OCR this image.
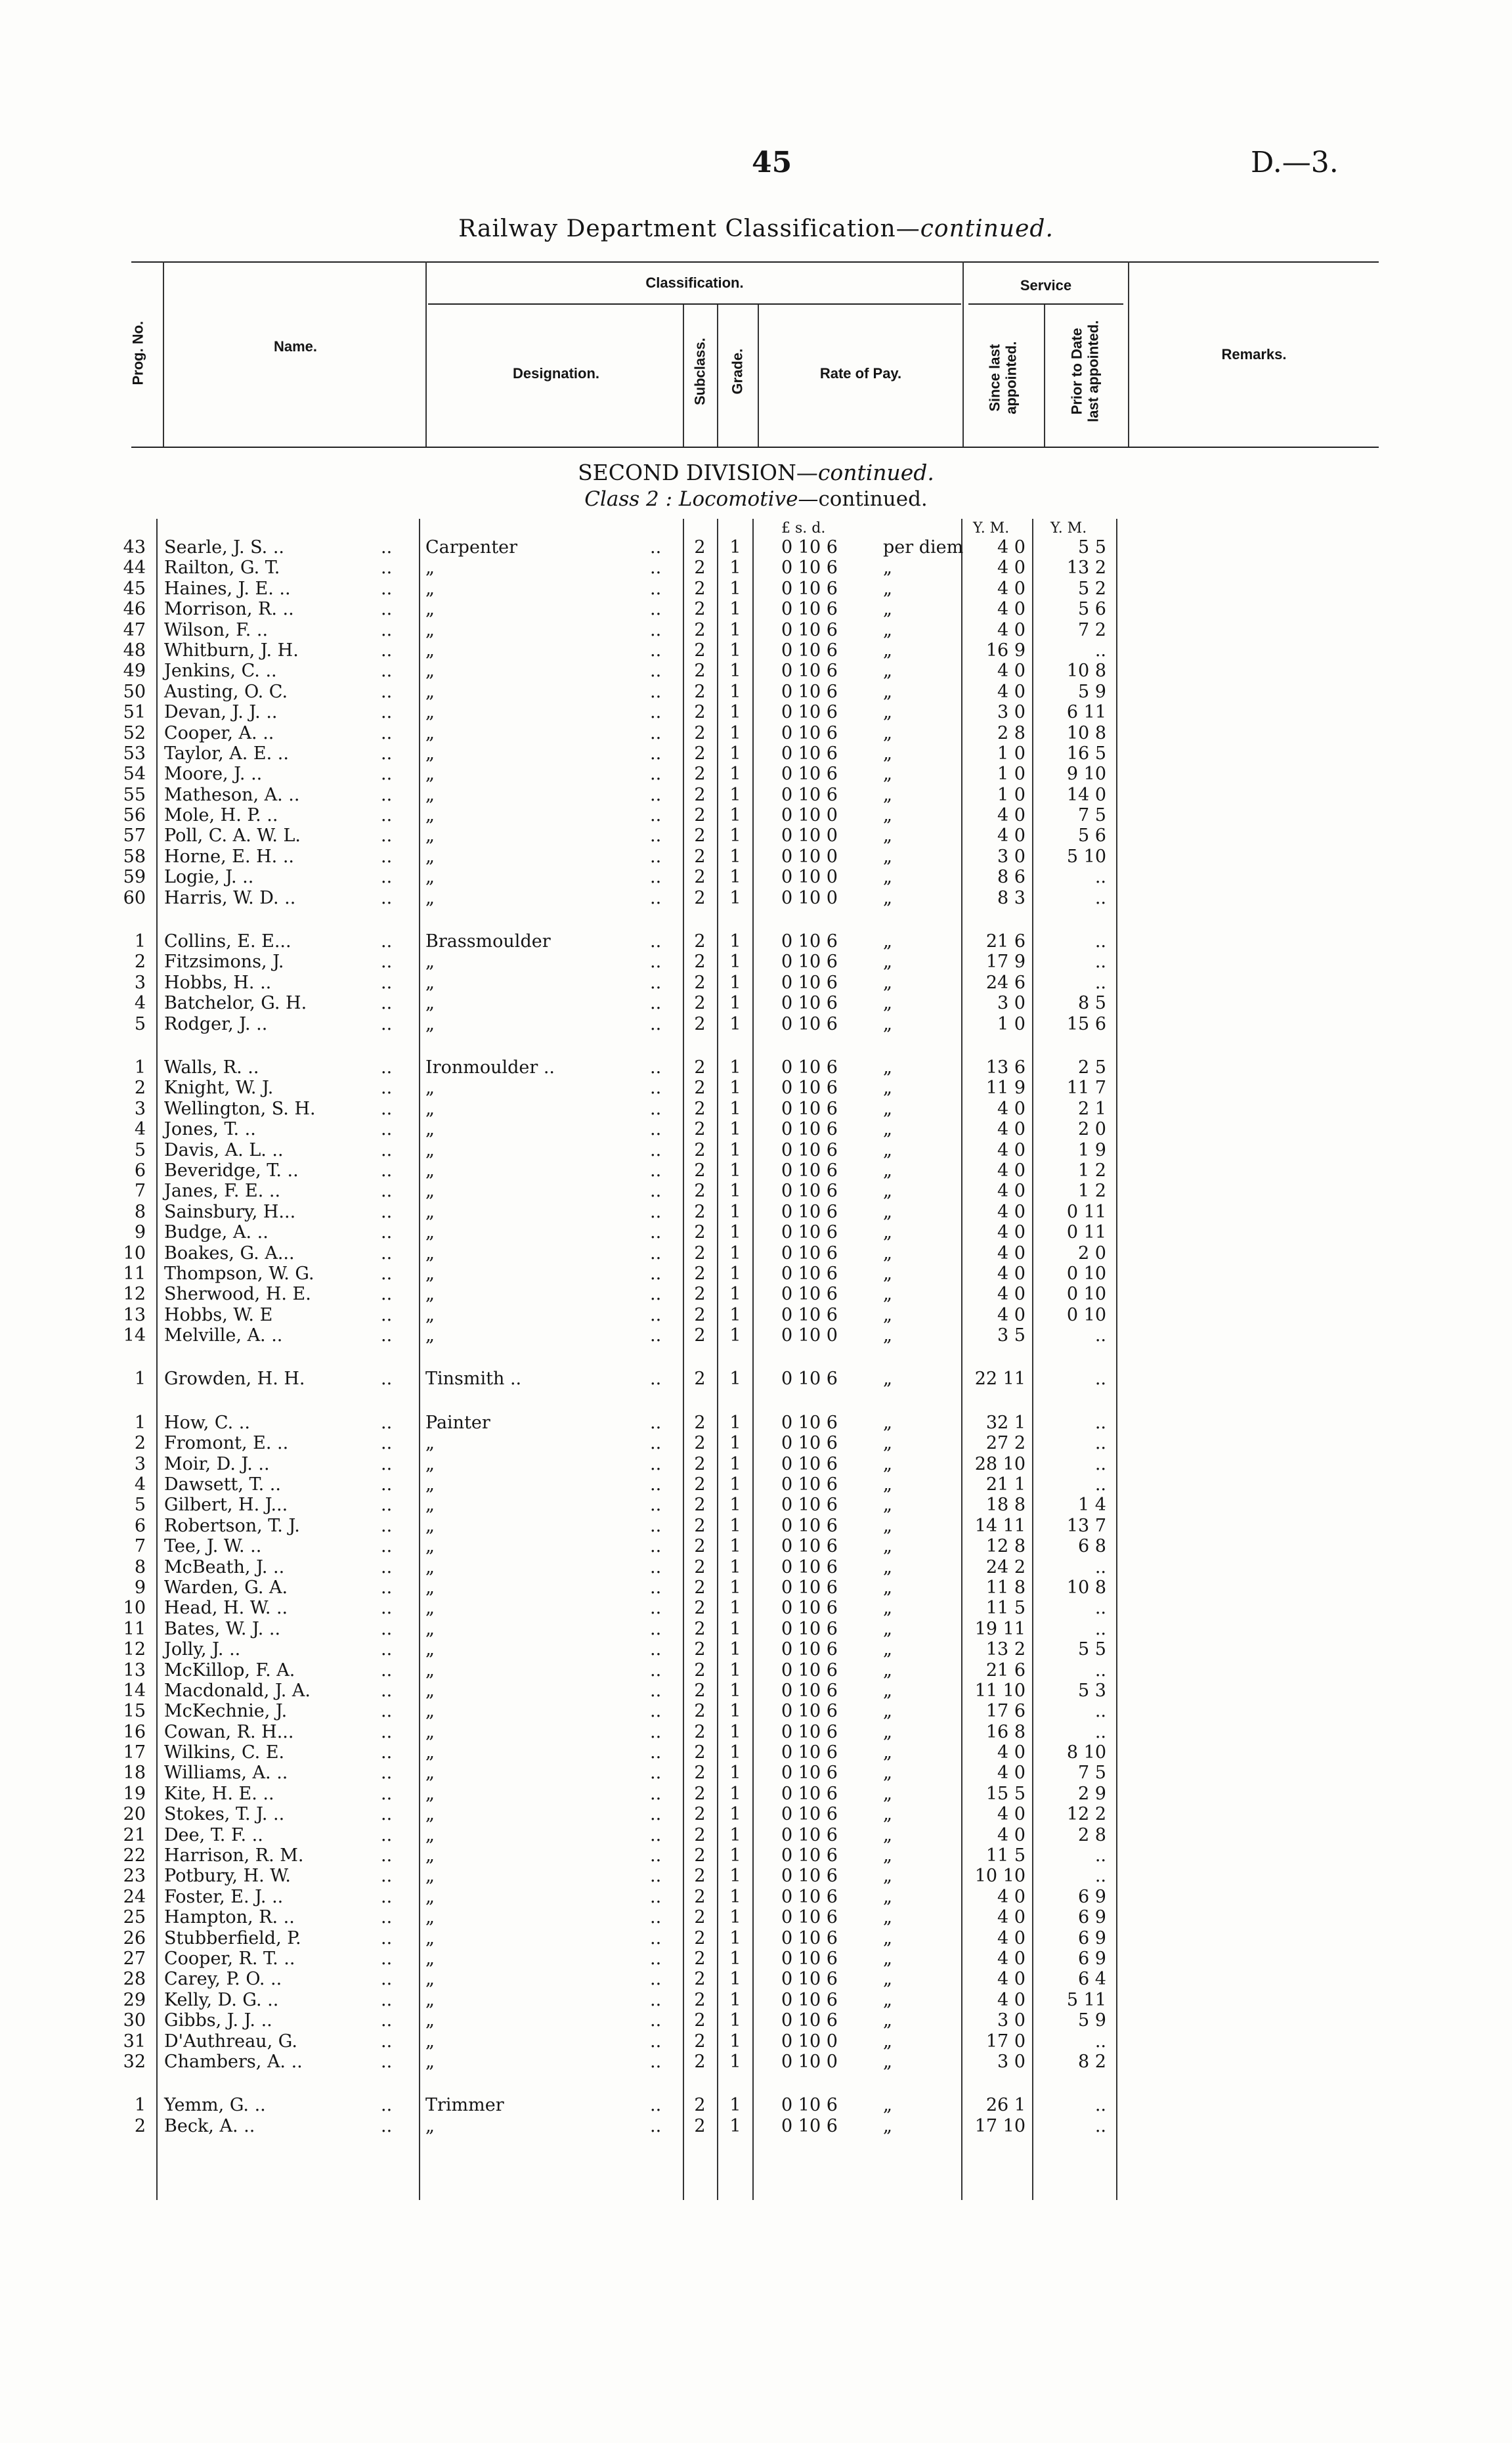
45	D.—3.
Railway Department Classification—continued.
Prog. No.	Name.
Classification.
Designation.	Subclass. Grade.	Rate of Pay.
Service
Since last appointed.	Prior to Date last appointed.	Remarks.
SECOND DIVISION—continued.
Class 2 : Locomotive—continued.
£ s. d.	Y. M.	Y. M.
43 Searle, J. S. ..	.. Carpenter	.. 2 1 0 10 6	per diem	4 0	5 5
44 Railton, G. T.	.. „	.. 2 1 0 10 6	„	4 0	13 2
45 Haines, J. E. ..	.. „	.. 2 1 0 10 6	„	4 0	5 2
46 Morrison, R. ..	.. „	.. 2 1 0 10 6	„	4 0	5 6
47 Wilson, F. ..	.. „	.. 2 1 0 10 6	„	4 0	7 2
48 Whitburn, J. H.	.. „	.. 2 1 0 10 6	„	16 9	..
49 Jenkins, C. ..	.. „	.. 2 1 0 10 6	„	4 0	10 8
50 Austing, O. C.	.. „	.. 2 1 0 10 6	„	4 0	5 9
51 Devan, J. J. ..	.. „	.. 2 1 0 10 6	„	3 0	6 11
52 Cooper, A. ..	.. „	.. 2 1 0 10 6	„	2 8	10 8
53 Taylor, A. E. ..	.. „	.. 2 1 0 10 6	„	1 0	16 5
54 Moore, J. ..	.. „	.. 2 1 0 10 6	„	1 0	9 10
55 Matheson, A. ..	.. „	.. 2 1 0 10 6	„	1 0	14 0
56 Mole, H. P. ..	.. „	.. 2 1 0 10 0	„	4 0	7 5
57 Poll, C. A. W. L.	.. „	.. 2 1 0 10 0	„	4 0	5 6
58 Horne, E. H. ..	.. „	.. 2 1 0 10 0	„	3 0	5 10
59 Logie, J. ..	.. „	.. 2 1 0 10 0	„	8 6	..
60 Harris, W. D. ..	.. „	.. 2 1 0 10 0	„	8 3	..
1 Collins, E. E...	.. Brassmoulder	.. 2 1 0 10 6	„	21 6	..
2 Fitzsimons, J.	.. „	.. 2 1 0 10 6	„	17 9	..
3 Hobbs, H. ..	.. „	.. 2 1 0 10 6	„	24 6	..
4 Batchelor, G. H.	.. „	.. 2 1 0 10 6	„	3 0	8 5
5 Rodger, J. ..	.. „	.. 2 1 0 10 6	„	1 0	15 6
1 Walls, R. ..	.. Ironmoulder ..	.. 2 1 0 10 6	„	13 6	2 5
2 Knight, W. J.	.. „	.. 2 1 0 10 6	„	11 9	11 7
3 Wellington, S. H.	.. „	.. 2 1 0 10 6	„	4 0	2 1
4 Jones, T. ..	.. „	.. 2 1 0 10 6	„	4 0	2 0
5 Davis, A. L. ..	.. „	.. 2 1 0 10 6	„	4 0	1 9
6 Beveridge, T. ..	.. „	.. 2 1 0 10 6	„	4 0	1 2
7 Janes, F. E. ..	.. „	.. 2 1 0 10 6	„	4 0	1 2
8 Sainsbury, H...	.. „	.. 2 1 0 10 6	„	4 0	0 11
9 Budge, A. ..	.. „	.. 2 1 0 10 6	„	4 0	0 11
10 Boakes, G. A...	.. „	.. 2 1 0 10 6	„	4 0	2 0
11 Thompson, W. G.	.. „	.. 2 1 0 10 6	„	4 0	0 10
12 Sherwood, H. E.	.. „	.. 2 1 0 10 6	„	4 0	0 10
13 Hobbs, W. E	.. „	.. 2 1 0 10 6	„	4 0	0 10
14 Melville, A. ..	.. „	.. 2 1 0 10 0	„	3 5	..
1 Growden, H. H.	.. Tinsmith ..	.. 2 1 0 10 6	„	22 11	..
1 How, C. ..	.. Painter	.. 2 1 0 10 6	„	32 1	..
2 Fromont, E. ..	.. „	.. 2 1 0 10 6	„	27 2	..
3 Moir, D. J. ..	.. „	.. 2 1 0 10 6	„	28 10	..
4 Dawsett, T. ..	.. „	.. 2 1 0 10 6	„	21 1	..
5 Gilbert, H. J...	.. „	.. 2 1 0 10 6	„	18 8	1 4
6 Robertson, T. J.	.. „	.. 2 1 0 10 6	„	14 11	13 7
7 Tee, J. W. ..	.. „	.. 2 1 0 10 6	„	12 8	6 8
8 McBeath, J. ..	.. „	.. 2 1 0 10 6	„	24 2	..
9 Warden, G. A.	.. „	.. 2 1 0 10 6	„	11 8	10 8
10 Head, H. W. ..	.. „	.. 2 1 0 10 6	„	11 5	..
11 Bates, W. J. ..	.. „	.. 2 1 0 10 6	„	19 11	..
12 Jolly, J. ..	.. „	.. 2 1 0 10 6	„	13 2	5 5
13 McKillop, F. A.	.. „	.. 2 1 0 10 6	„	21 6	..
14 Macdonald, J. A.	.. „	.. 2 1 0 10 6	„	11 10	5 3
15 McKechnie, J.	.. „	.. 2 1 0 10 6	„	17 6	..
16 Cowan, R. H...	.. „	.. 2 1 0 10 6	„	16 8	..
17 Wilkins, C. E.	.. „	.. 2 1 0 10 6	„	4 0	8 10
18 Williams, A. ..	.. „	.. 2 1 0 10 6	„	4 0	7 5
19 Kite, H. E. ..	.. „	.. 2 1 0 10 6	„	15 5	2 9
20 Stokes, T. J. ..	.. „	.. 2 1 0 10 6	„	4 0	12 2
21 Dee, T. F. ..	.. „	.. 2 1 0 10 6	„	4 0	2 8
22 Harrison, R. M.	.. „	.. 2 1 0 10 6	„	11 5	..
23 Potbury, H. W.	.. „	.. 2 1 0 10 6	„	10 10	..
24 Foster, E. J. ..	.. „	.. 2 1 0 10 6	„	4 0	6 9
25 Hampton, R. ..	.. „	.. 2 1 0 10 6	„	4 0	6 9
26 Stubberfield, P.	.. „	.. 2 1 0 10 6	„	4 0	6 9
27 Cooper, R. T. ..	.. „	.. 2 1 0 10 6	„	4 0	6 9
28 Carey, P. O. ..	.. „	.. 2 1 0 10 6	„	4 0	6 4
29 Kelly, D. G. ..	.. „	.. 2 1 0 10 6	„	4 0	5 11
30 Gibbs, J. J. ..	.. „	.. 2 1 0 10 6	„	3 0	5 9
31 D'Authreau, G.	.. „	.. 2 1 0 10 0	„	17 0	..
32 Chambers, A. ..	.. „	.. 2 1 0 10 0	„	3 0	8 2
1 Yemm, G. ..	.. Trimmer	.. 2 1 0 10 6	„	26 1	..
2 Beck, A. ..	.. „	.. 2 1 0 10 6	„	17 10	..
